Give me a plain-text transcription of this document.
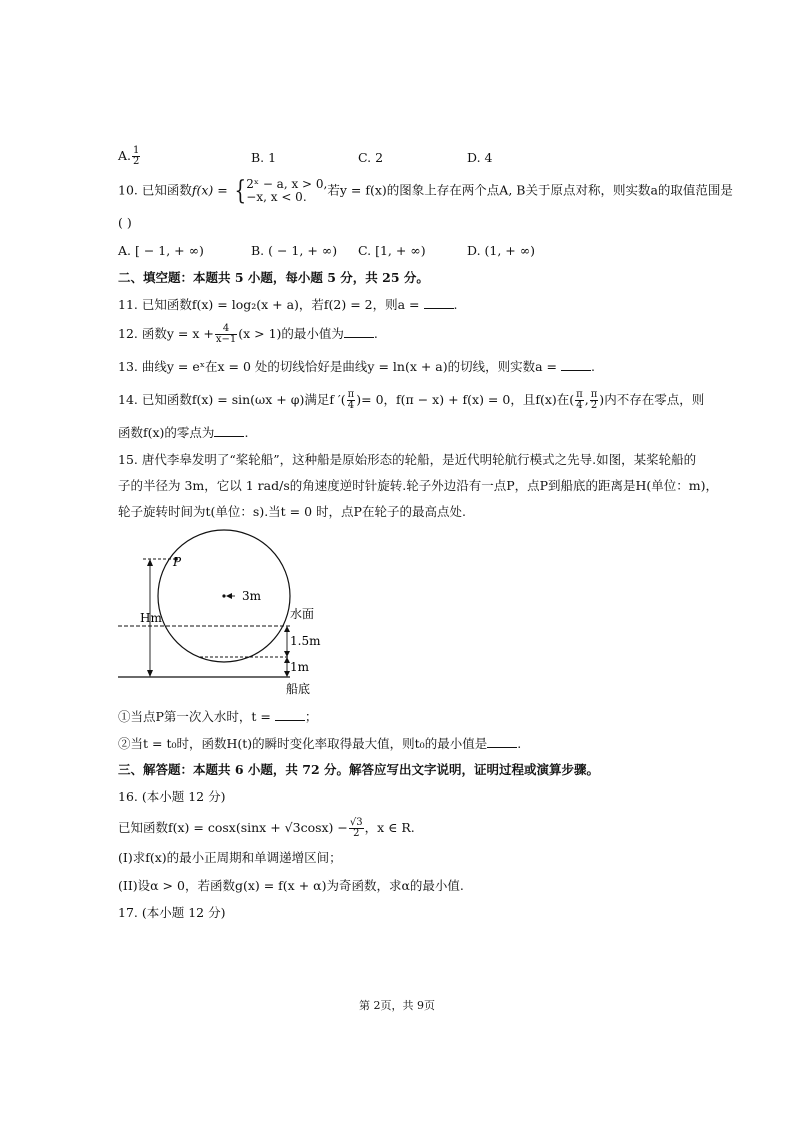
A. $\frac{1}{2}$	B. 1	C. 2	D. 4
10. 已知函数f(x) = { 2ˣ − a, x > 0,
−x, x < 0.	若y = f(x)的图象上存在两个点A, B关于原点对称，则实数a的取值范围是
( )
A. [ − 1, + ∞)	B. ( − 1, + ∞) C. [1, + ∞)	D. (1, + ∞)
二、填空题：本题共 5 小题，每小题 5 分，共 25 分。
11. 已知函数f(x) = log₂(x + a)，若f(2) = 2，则a = .
12. 函数$y = x + \frac{4}{x-1} (x > 1)$的最小值为 .
13. 曲线y = eˣ在x = 0 处的切线恰好是曲线y = ln(x + a)的切线，则实数a = .
14. 已知函数f(x) = sin(ωx + φ)满足f ′( $\frac{\pi}{4}$ )= 0，f(π − x) + f(x) = 0，且f(x)在( $\frac{\pi}{4}$ , $\frac{\pi}{2}$ )内不存在零点，则
函数f(x)的零点为 .
15. 唐代李皋发明了“桨轮船”，这种船是原始形态的轮船，是近代明轮航行模式之先导.如图，某桨轮船的
子的半径为 3m，它以 1 rad/s的角速度逆时针旋转.轮子外边沿有一点P，点P到船底的距离是H(单位：m)，
轮子旋转时间为t(单位：s).当t = 0 时，点P在轮子的最高点处.
P
Hm
3m
水面
1.5m
1m
船底
①当点P第一次入水时，t = ；
②当t = t₀时，函数H(t)的瞬时变化率取得最大值，则t₀的最小值是 .
三、解答题：本题共 6 小题，共 72 分。解答应写出文字说明，证明过程或演算步骤。
16. (本小题 12 分)
已知函数$f(x) = \cos x(\sin x + √3\cos x) - \frac{√3}{2}$ ，x ∈ R.
(I)求f(x)的最小正周期和单调递增区间；
(II)设α > 0，若函数g(x) = f(x + α)为奇函数，求α的最小值.
17. (本小题 12 分)
第 2页，共 9页
